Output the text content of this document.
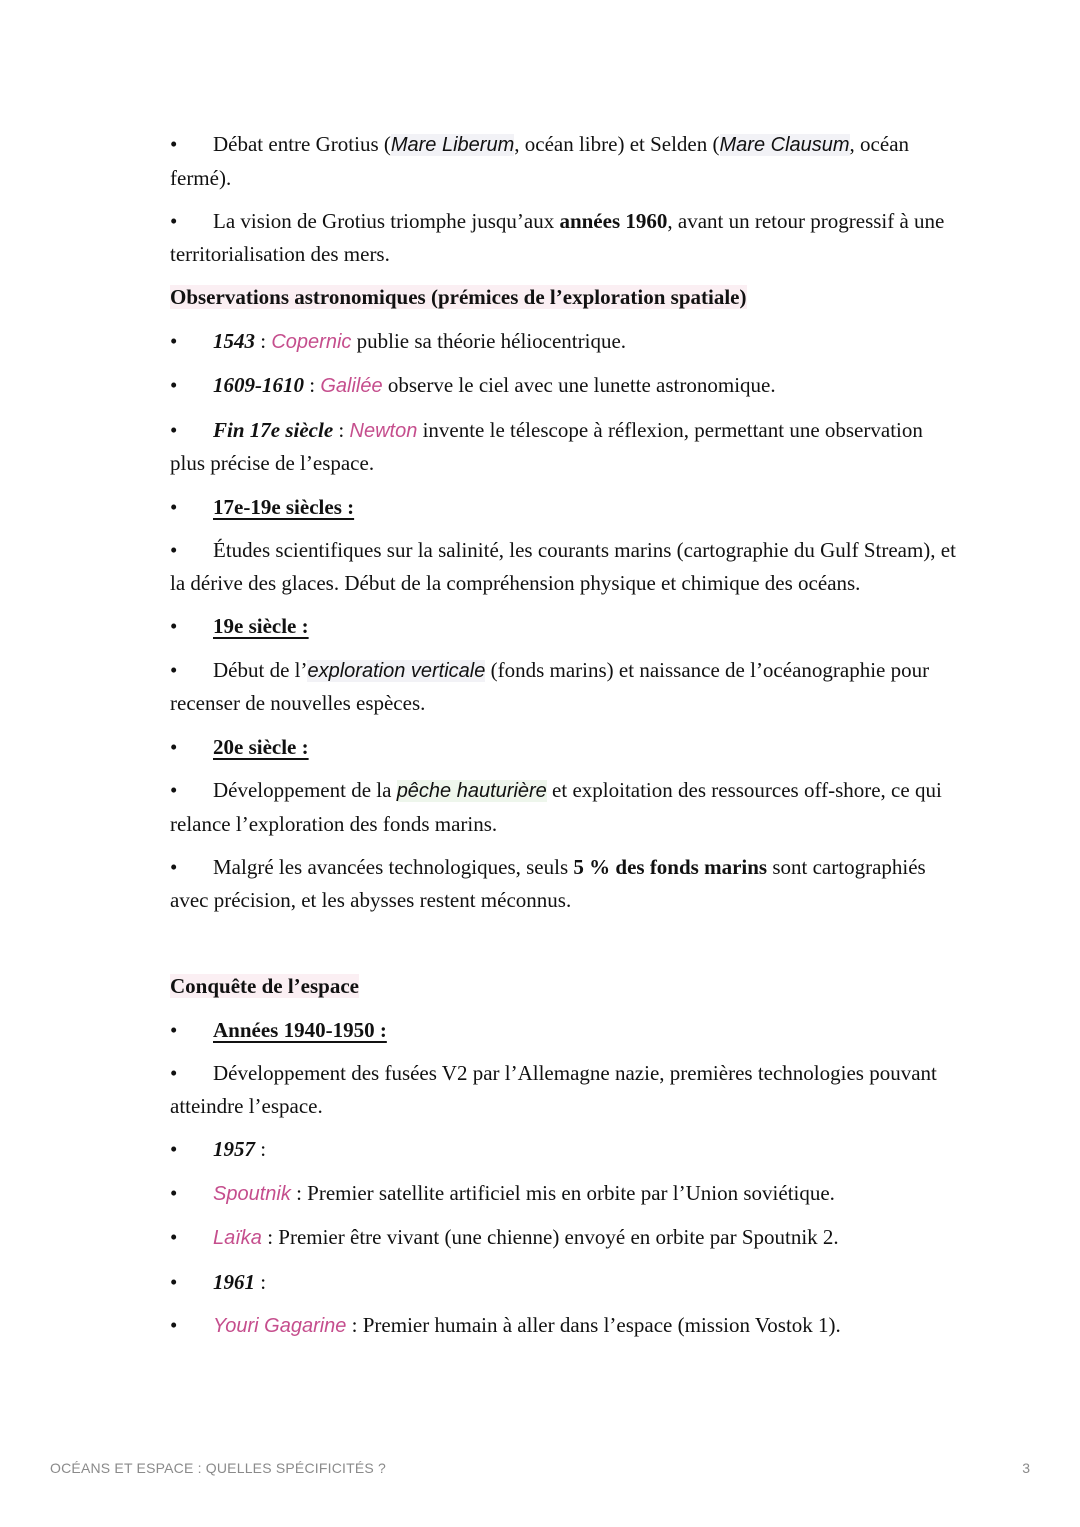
• Débat entre Grotius (Mare Liberum, océan libre) et Selden (Mare Clausum, océan fermé).

• La vision de Grotius triomphe jusqu’aux années 1960, avant un retour progressif à une territorialisation des mers.

Observations astronomiques (prémices de l’exploration spatiale)

• 1543 : Copernic publie sa théorie héliocentrique.

• 1609-1610 : Galilée observe le ciel avec une lunette astronomique.

• Fin 17e siècle : Newton invente le télescope à réflexion, permettant une observation plus précise de l’espace.

• 17e-19e siècles :

• Études scientifiques sur la salinité, les courants marins (cartographie du Gulf Stream), et la dérive des glaces. Début de la compréhension physique et chimique des océans.

• 19e siècle :

• Début de l’exploration verticale (fonds marins) et naissance de l’océanographie pour recenser de nouvelles espèces.

• 20e siècle :

• Développement de la pêche hauturière et exploitation des ressources off-shore, ce qui relance l’exploration des fonds marins.

• Malgré les avancées technologiques, seuls 5 % des fonds marins sont cartographiés avec précision, et les abysses restent méconnus.

Conquête de l’espace

• Années 1940-1950 :

• Développement des fusées V2 par l’Allemagne nazie, premières technologies pouvant atteindre l’espace.

• 1957 :

• Spoutnik : Premier satellite artificiel mis en orbite par l’Union soviétique.

• Laïka : Premier être vivant (une chienne) envoyé en orbite par Spoutnik 2.

• 1961 :

• Youri Gagarine : Premier humain à aller dans l’espace (mission Vostok 1).

OCÉANS ET ESPACE : QUELLES SPÉCIFICITÉS ?	3
